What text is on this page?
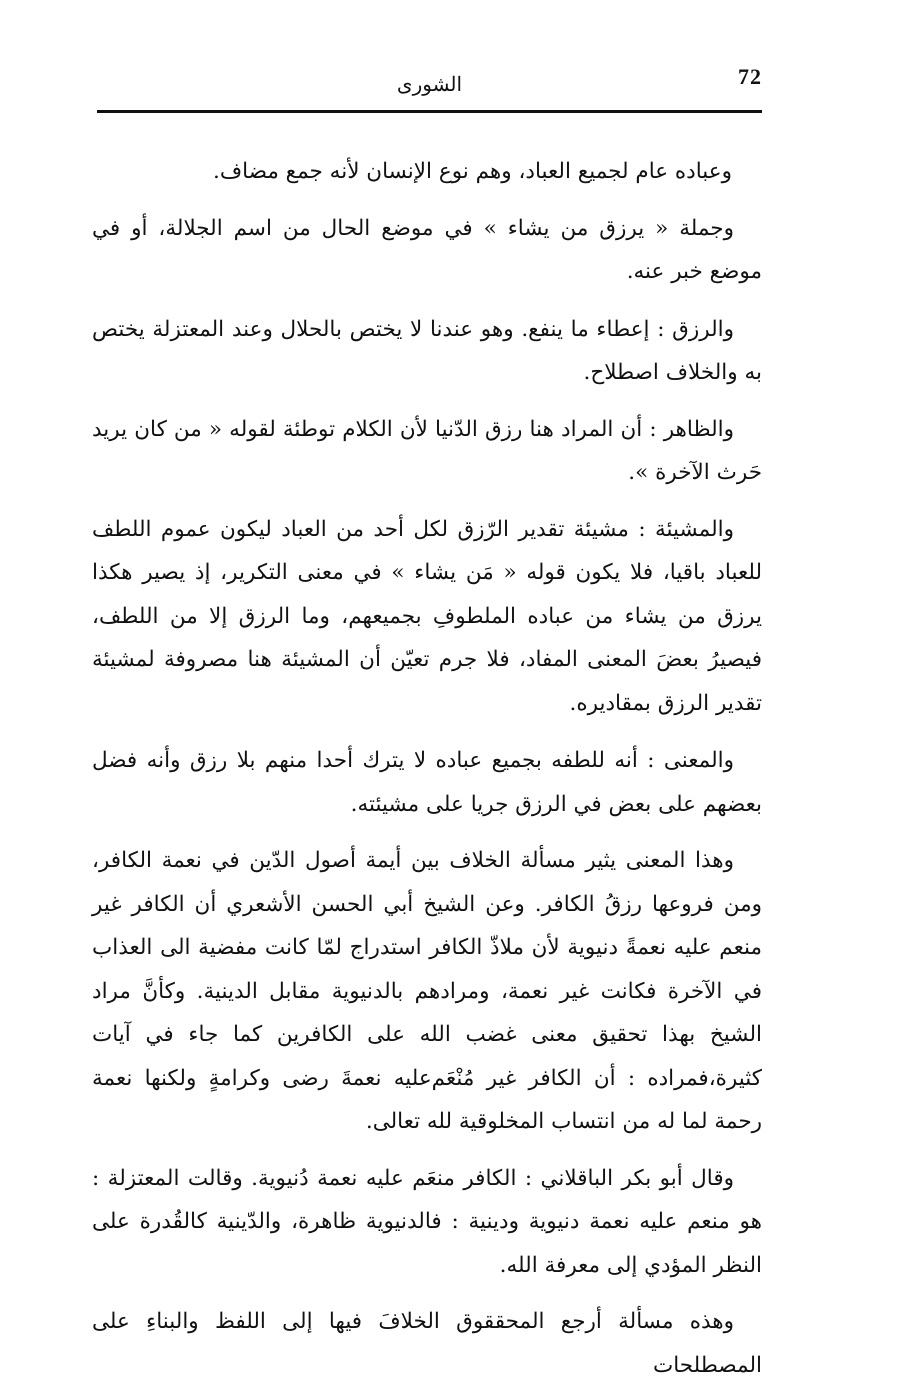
72
الشورى

وعباده عام لجميع العباد، وهم نوع الإنسان لأنه جمع مضاف.

وجملة « يرزق من يشاء » في موضع الحال من اسم الجلالة، أو في موضع خبر عنه.

والرزق : إعطاء ما ينفع. وهو عندنا لا يختص بالحلال وعند المعتزلة يختص به والخلاف اصطلاح.

والظاهر : أن المراد هنا رزق الدّنيا لأن الكلام توطئة لقوله « من كان يريد حَرث الآخرة ».

والمشيئة : مشيئة تقدير الرّزق لكل أحد من العباد ليكون عموم اللطف للعباد باقيا، فلا يكون قوله « مَن يشاء » في معنى التكرير، إذ يصير هكذا يرزق من يشاء من عباده الملطوفِ بجميعهم، وما الرزق إلا من اللطف، فيصيرُ بعضَ المعنى المفاد، فلا جرم تعيّن أن المشيئة هنا مصروفة لمشيئة تقدير الرزق بمقاديره.

والمعنى : أنه للطفه بجميع عباده لا يترك أحدا منهم بلا رزق وأنه فضل بعضهم على بعض في الرزق جريا على مشيئته.

وهذا المعنى يثير مسألة الخلاف بين أيمة أصول الدّين في نعمة الكافر، ومن فروعها رزقُ الكافر. وعن الشيخ أبي الحسن الأشعري أن الكافر غير منعم عليه نعمةً دنيوية لأن ملاذّ الكافر استدراج لمّا كانت مفضية الى العذاب في الآخرة فكانت غير نعمة، ومرادهم بالدنيوية مقابل الدينية. وكأنَّ مراد الشيخ بهذا تحقيق معنى غضب الله على الكافرين كما جاء في آيات كثيرة،فمراده : أن الكافر غير مُنْعَم‌عليه نعمةَ رضى وكرامةٍ ولكنها نعمة رحمة لما له من انتساب المخلوقية لله تعالى.

وقال أبو بكر الباقلاني : الكافر منعَم عليه نعمة دُنيوية. وقالت المعتزلة : هو منعم عليه نعمة دنيوية ودينية : فالدنيوية ظاهرة، والدّينية كالقُدرة على النظر المؤدي إلى معرفة الله.

وهذه مسألة أرجع المحققوق الخلافَ فيها إلى اللفظ والبناءِ على المصطلحات
